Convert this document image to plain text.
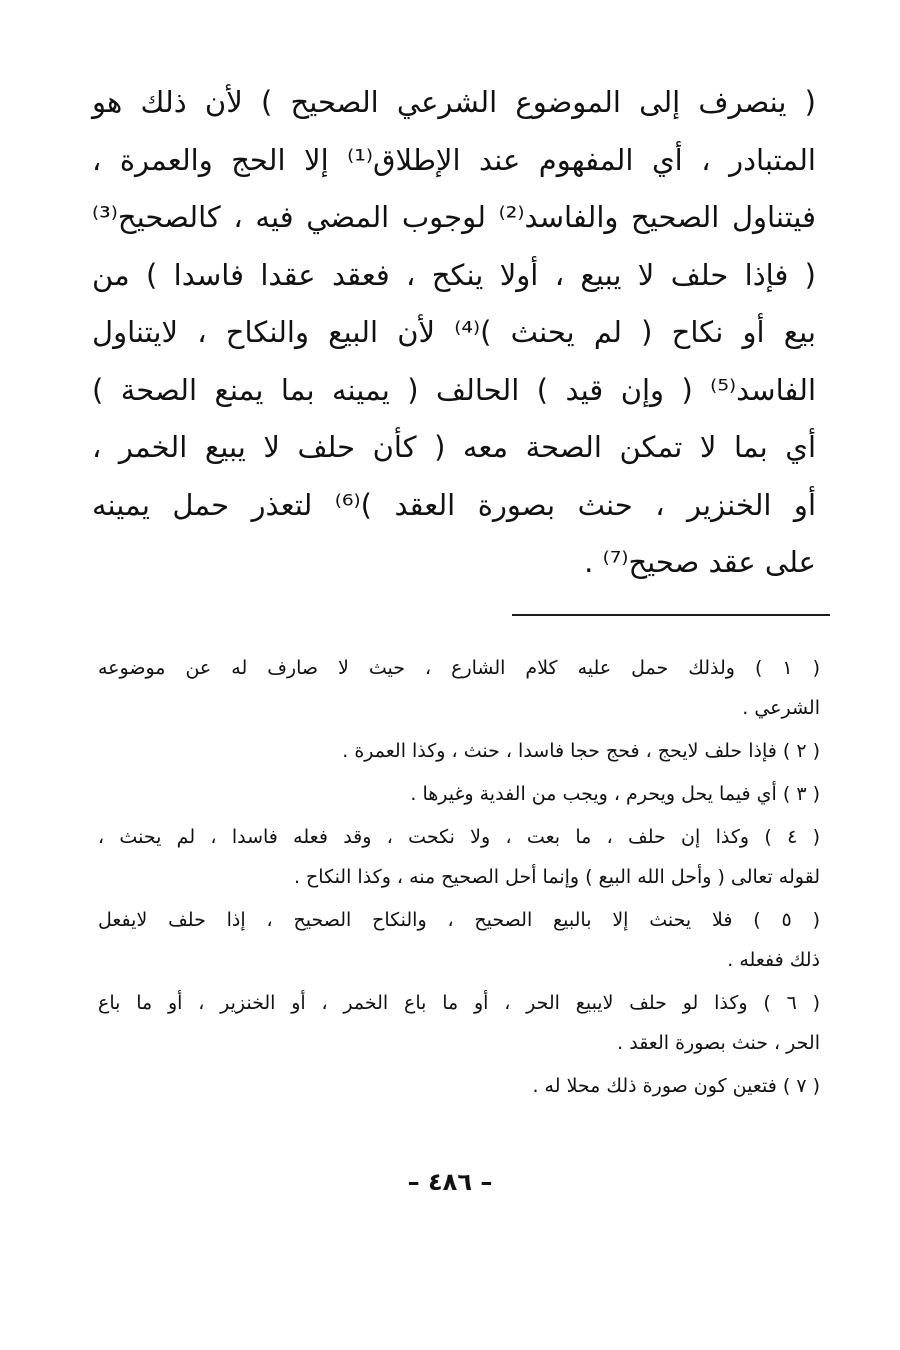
( ينصرف إلى الموضوع الشرعي الصحيح ) لأن ذلك هو
المتبادر ، أي المفهوم عند الإطلاق⁽¹⁾ إلا الحج والعمرة ،
فيتناول الصحيح والفاسد⁽²⁾ لوجوب المضي فيه ، كالصحيح⁽³⁾
( فإذا حلف لا يبيع ، أولا ينكح ، فعقد عقدا فاسدا ) من
بيع أو نكاح ( لم يحنث )⁽⁴⁾ لأن البيع والنكاح ، لايتناول
الفاسد⁽⁵⁾ ( وإن قيد ) الحالف ( يمينه بما يمنع الصحة )
أي بما لا تمكن الصحة معه ( كأن حلف لا يبيع الخمر ،
أو الخنزير ، حنث بصورة العقد )⁽⁶⁾ لتعذر حمل يمينه
على عقد صحيح⁽⁷⁾ .
( ١ ) ولذلك حمل عليه كلام الشارع ، حيث لا صارف له عن موضوعه
الشرعي .
( ٢ ) فإذا حلف لايحج ، فحج حجا فاسدا ، حنث ، وكذا العمرة .
( ٣ ) أي فيما يحل ويحرم ، ويجب من الفدية وغيرها .
( ٤ ) وكذا إن حلف ، ما بعت ، ولا نكحت ، وقد فعله فاسدا ، لم يحنث ،
لقوله تعالى ( وأحل الله البيع ) وإنما أحل الصحيح منه ، وكذا النكاح .
( ٥ ) فلا يحنث إلا بالبيع الصحيح ، والنكاح الصحيح ، إذا حلف لايفعل
ذلك ففعله .
( ٦ ) وكذا لو حلف لايبيع الحر ، أو ما باع الخمر ، أو الخنزير ، أو ما باع
الحر ، حنث بصورة العقد .
( ٧ ) فتعين كون صورة ذلك محلا له .
– ٤٨٦ –
